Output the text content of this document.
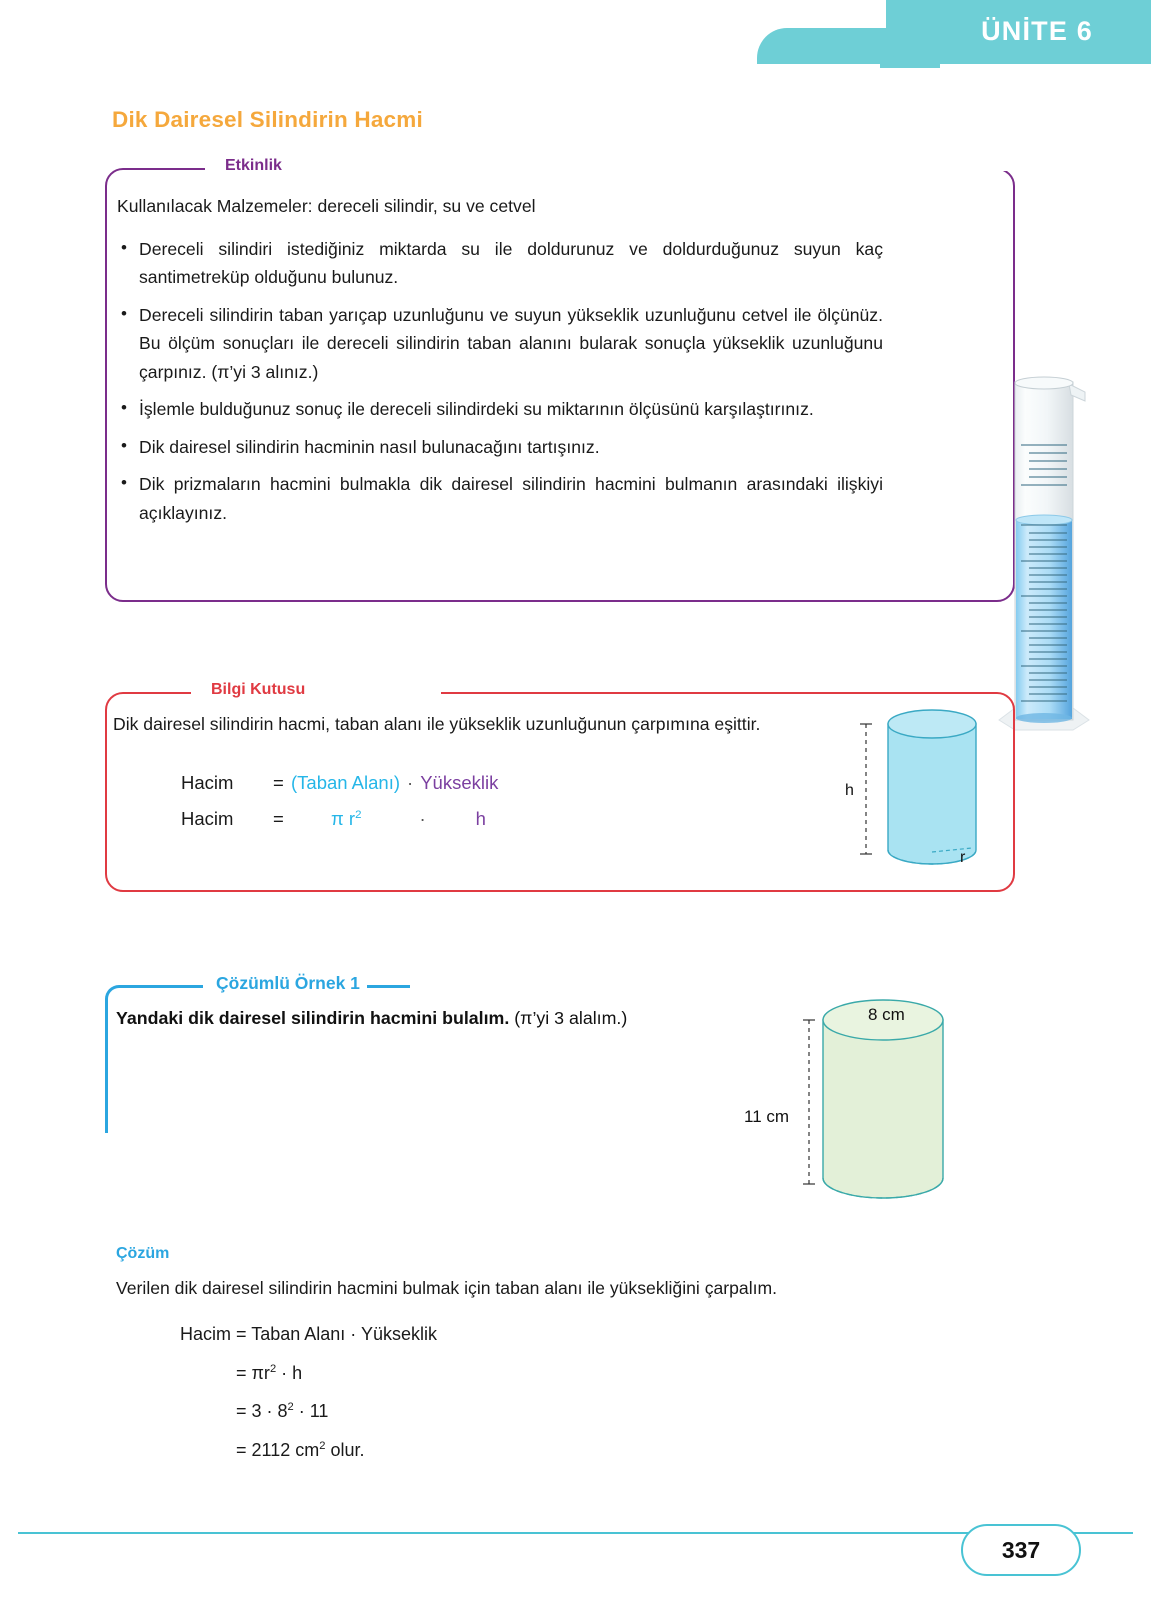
ÜNİTE 6
Dik Dairesel Silindirin Hacmi
Etkinlik
Kullanılacak Malzemeler: dereceli silindir, su ve cetvel
• Dereceli silindiri istediğiniz miktarda su ile doldurunuz ve doldurduğunuz suyun kaç santimetreküp olduğunu bulunuz.
• Dereceli silindirin taban yarıçap uzunluğunu ve suyun yükseklik uzunluğunu cetvel ile ölçünüz. Bu ölçüm sonuçları ile dereceli silindirin taban alanını bularak sonuçla yükseklik uzunluğunu çarpınız. (π’yi 3 alınız.)
• İşlemle bulduğunuz sonuç ile dereceli silindirdeki su miktarının ölçüsünü karşılaştırınız.
• Dik dairesel silindirin hacminin nasıl bulunacağını tartışınız.
• Dik prizmaların hacmini bulmakla dik dairesel silindirin hacmini bulmanın arasındaki ilişkiyi açıklayınız.
Bilgi Kutusu
Dik dairesel silindirin hacmi, taban alanı ile yükseklik uzunluğunun çarpımına eşittir.
Hacim	= (Taban Alanı) · Yükseklik
Hacim	=	π $r^2$	·	h
h
r
Çözümlü Örnek 1
Yandaki dik dairesel silindirin hacmini bulalım. (π’yi 3 alalım.)	8 cm
11 cm
Çözüm
Verilen dik dairesel silindirin hacmini bulmak için taban alanı ile yüksekliğini çarpalım.
Hacim = Taban Alanı · Yükseklik
= $\pi r^2 \cdot h$
= $3 \cdot 8^2 \cdot 11$
= 2112 $cm^2$ olur.
337
